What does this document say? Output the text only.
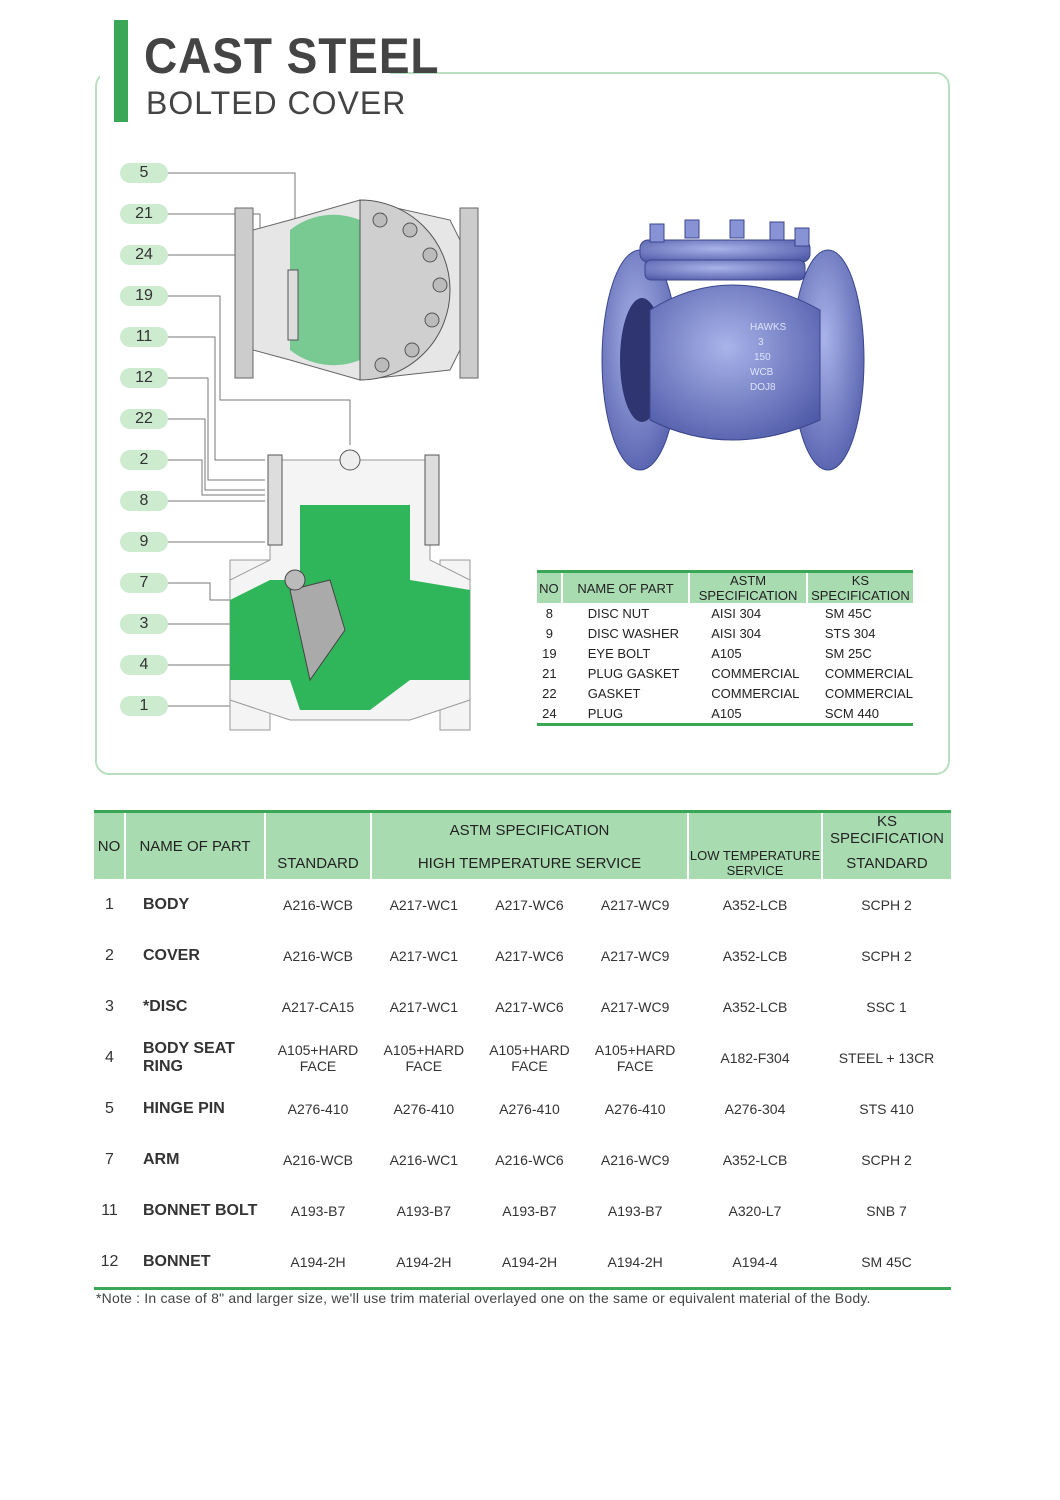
CAST STEEL
BOLTED COVER
5
21
24
19
11
12
22
2
8
9
7
3
4
1
HAWKS
3
150
WCB
DOJ8
NO	NAME OF PART	ASTM SPECIFICATION	KS SPECIFICATION
8	DISC NUT	AISI 304	SM 45C
9	DISC WASHER	AISI 304	STS 304
19	EYE BOLT	A105	SM 25C
21	PLUG GASKET	COMMERCIAL	COMMERCIAL
22	GASKET	COMMERCIAL	COMMERCIAL
24	PLUG	A105	SCM 440
NO	NAME OF PART		ASTM SPECIFICATION				KS SPECIFICATION
		STANDARD	HIGH TEMPERATURE SERVICE			LOW TEMPERATURE SERVICE	STANDARD
1	BODY	A216-WCB	A217-WC1	A217-WC6	A217-WC9	A352-LCB	SCPH 2
2	COVER	A216-WCB	A217-WC1	A217-WC6	A217-WC9	A352-LCB	SCPH 2
3	*DISC	A217-CA15	A217-WC1	A217-WC6	A217-WC9	A352-LCB	SSC 1
4	BODY SEAT RING	A105+HARD FACE	A105+HARD FACE	A105+HARD FACE	A105+HARD FACE	A182-F304	STEEL + 13CR
5	HINGE PIN	A276-410	A276-410	A276-410	A276-410	A276-304	STS 410
7	ARM	A216-WCB	A216-WC1	A216-WC6	A216-WC9	A352-LCB	SCPH 2
11	BONNET BOLT	A193-B7	A193-B7	A193-B7	A193-B7	A320-L7	SNB 7
12	BONNET	A194-2H	A194-2H	A194-2H	A194-2H	A194-4	SM 45C
*Note : In case of 8" and larger size, we'll use trim material overlayed one on the same or equivalent material of the Body.
